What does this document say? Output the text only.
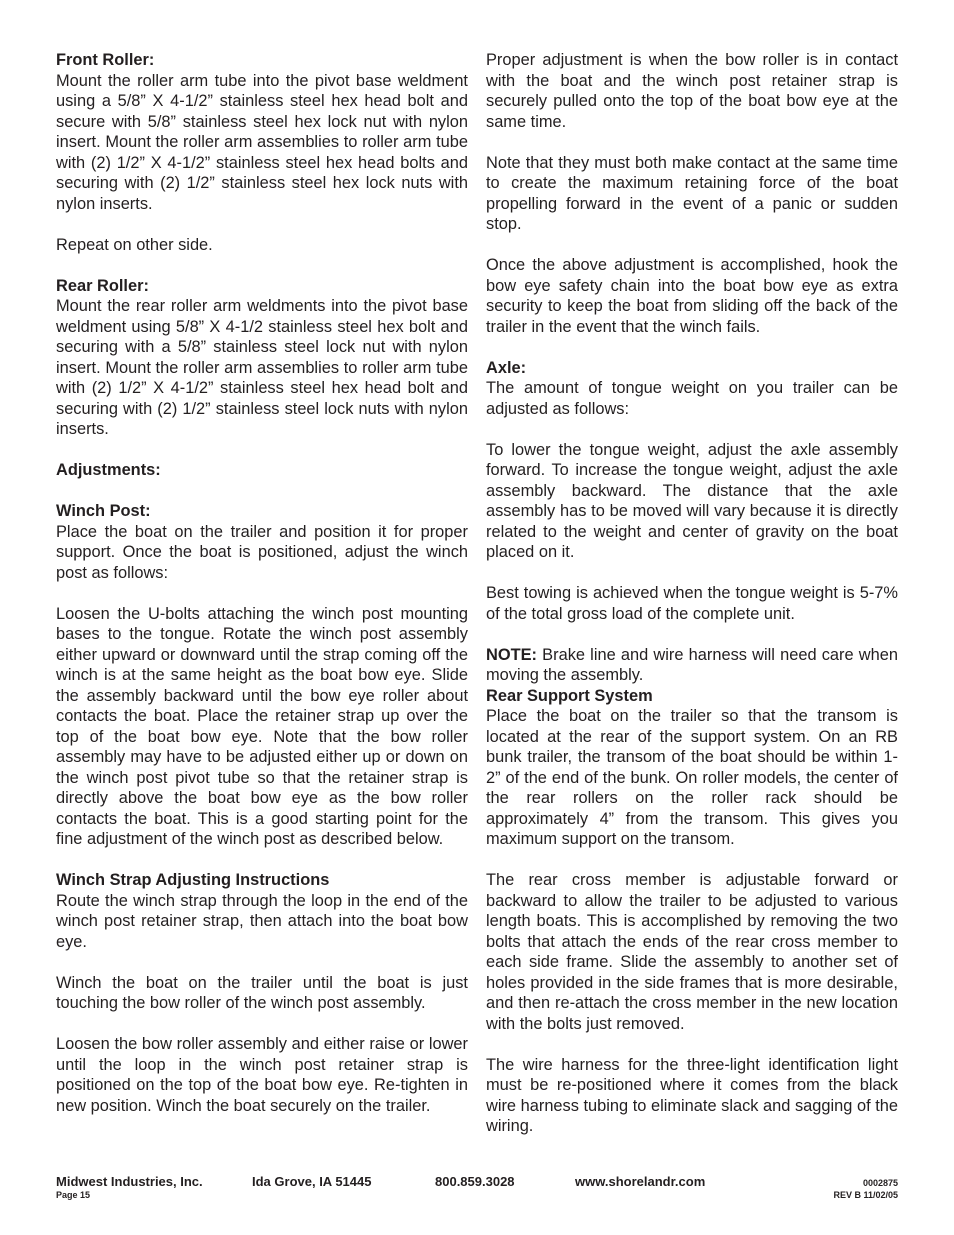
Front Roller:

Mount the roller arm tube into the pivot base weldment using a 5/8” X 4-1/2” stainless steel hex head bolt and secure with 5/8” stainless steel hex lock nut with nylon insert. Mount the roller arm assemblies to roller arm tube with (2) 1/2” X 4-1/2” stainless steel hex head bolts and securing with (2) 1/2” stainless steel hex lock nuts with nylon inserts.

Repeat on other side.

Rear Roller:

Mount the rear roller arm weldments into the pivot base weldment using 5/8” X 4-1/2 stainless steel hex bolt and securing with a 5/8” stainless steel lock nut with nylon insert. Mount the roller arm assemblies to roller arm tube with (2) 1/2” X 4-1/2” stainless steel hex head bolt and securing with (2) 1/2” stainless steel lock nuts with nylon inserts.

Adjustments:
Winch Post:

Place the boat on the trailer and position it for proper support. Once the boat is positioned, adjust the winch post as follows:

Loosen the U-bolts attaching the winch post mounting bases to the tongue. Rotate the winch post assembly either upward or downward until the strap coming off the winch is at the same height as the boat bow eye. Slide the assembly backward until the bow eye roller about contacts the boat. Place the retainer strap up over the top of the boat bow eye. Note that the bow roller assembly may have to be adjusted either up or down on the winch post pivot tube so that the retainer strap is directly above the boat bow eye as the bow roller contacts the boat. This is a good starting point for the fine adjustment of the winch post as described below.

Winch Strap Adjusting Instructions

Route the winch strap through the loop in the end of the winch post retainer strap, then attach into the boat bow eye.

Winch the boat on the trailer until the boat is just touching the bow roller of the winch post assembly.

Loosen the bow roller assembly and either raise or lower until the loop in the winch post retainer strap is positioned on the top of the boat bow eye. Re-tighten in new position. Winch the boat securely on the trailer.

Proper adjustment is when the bow roller is in contact with the boat and the winch post retainer strap is securely pulled onto the top of the boat bow eye at the same time.

Note that they must both make contact at the same time to create the maximum retaining force of the boat propelling forward in the event of a panic or sudden stop.

Once the above adjustment is accomplished, hook the bow eye safety chain into the boat bow eye as extra security to keep the boat from sliding off the back of the trailer in the event that the winch fails.

Axle:

The amount of tongue weight on you trailer can be adjusted as follows:

To lower the tongue weight, adjust the axle assembly forward. To increase the tongue weight, adjust the axle assembly backward. The distance that the axle assembly has to be moved will vary because it is directly related to the weight and center of gravity on the boat placed on it.

Best towing is achieved when the tongue weight is 5-7% of the total gross load of the complete unit.

NOTE: Brake line and wire harness will need care when moving the assembly.

Rear Support System

Place the boat on the trailer so that the transom is located at the rear of the support system. On an RB bunk trailer, the transom of the boat should be within 1-2” of the end of the bunk. On roller models, the center of the rear rollers on the roller rack should be approximately 4” from the transom. This gives you maximum support on the transom.

The rear cross member is adjustable forward or backward to allow the trailer to be adjusted to various length boats. This is accomplished by removing the two bolts that attach the ends of the rear cross member to each side frame. Slide the assembly to another set of holes provided in the side frames that is more desirable, and then re-attach the cross member in the new location with the bolts just removed.

The wire harness for the three-light identification light must be re-positioned where it comes from the black wire harness tubing to eliminate slack and sagging of the wiring.

Midwest Industries, Inc.	Ida Grove, IA 51445	800.859.3028	www.shorelandr.com	0002875
Page 15	REV B 11/02/05
